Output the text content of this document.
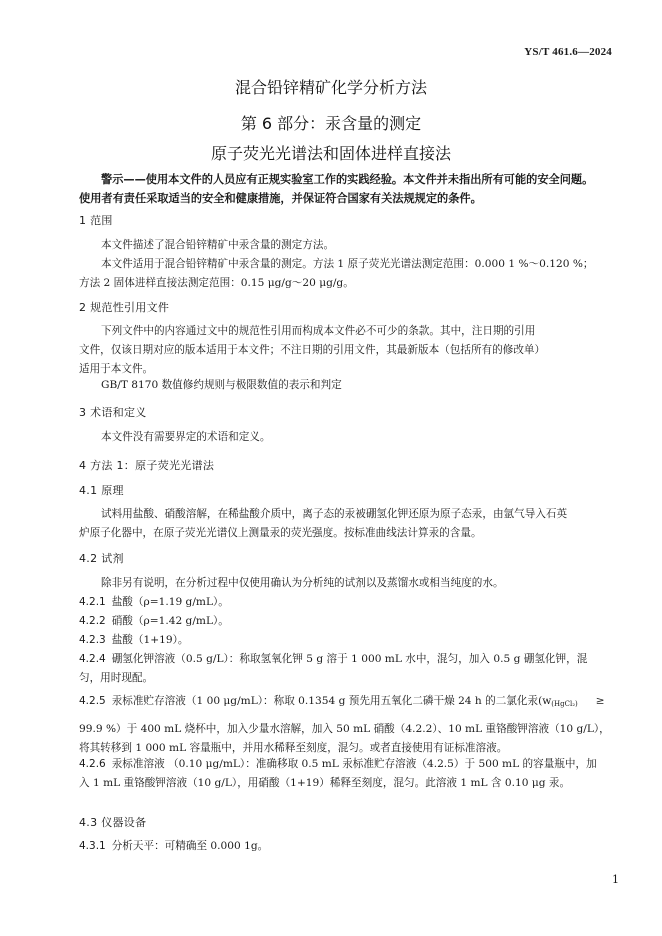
YS/T 461.6—2024
混合铅锌精矿化学分析方法
第 6 部分：汞含量的测定
原子荧光光谱法和固体进样直接法

警示——使用本文件的人员应有正规实验室工作的实践经验。本文件并未指出所有可能的安全问题。

使用者有责任采取适当的安全和健康措施，并保证符合国家有关法规规定的条件。

1 范围
本文件描述了混合铅锌精矿中汞含量的测定方法。
本文件适用于混合铅锌精矿中汞含量的测定。方法 1 原子荧光光谱法测定范围：0.000 1 %～0.120 %；
方法 2 固体进样直接法测定范围：0.15 μg/g～20 μg/g。
2 规范性引用文件
下列文件中的内容通过文中的规范性引用而构成本文件必不可少的条款。其中，注日期的引用
文件，仅该日期对应的版本适用于本文件；不注日期的引用文件，其最新版本（包括所有的修改单）
适用于本文件。
GB/T 8170 数值修约规则与极限数值的表示和判定
3 术语和定义
本文件没有需要界定的术语和定义。
4 方法 1：原子荧光光谱法
4.1 原理
试料用盐酸、硝酸溶解，在稀盐酸介质中，离子态的汞被硼氢化钾还原为原子态汞，由氩气导入石英
炉原子化器中，在原子荧光光谱仪上测量汞的荧光强度。按标准曲线法计算汞的含量。
4.2 试剂
除非另有说明，在分析过程中仅使用确认为分析纯的试剂以及蒸馏水或相当纯度的水。
4.2.1 盐酸（ρ=1.19 g/mL）。
4.2.2 硝酸（ρ=1.42 g/mL）。
4.2.3 盐酸（1+19）。
4.2.4 硼氢化钾溶液（0.5 g/L）：称取氢氧化钾 5 g 溶于 1 000 mL 水中，混匀，加入 0.5 g 硼氢化钾，混
匀，用时现配。
4.2.5 汞标准贮存溶液（1 00 μg/mL）：称取 0.1354 g 预先用五氧化二磷干燥 24 h 的二氯化汞($w_{(HgCl_2)}$ ≥
99.9 %）于 400 mL 烧杯中，加入少量水溶解，加入 50 mL 硝酸（4.2.2）、10 mL 重铬酸钾溶液（10 g/L），
将其转移到 1 000 mL 容量瓶中，并用水稀释至刻度，混匀。或者直接使用有证标准溶液。
4.2.6 汞标准溶液 （0.10 μg/mL）：准确移取 0.5 mL 汞标准贮存溶液（4.2.5）于 500 mL 的容量瓶中，加
入 1 mL 重铬酸钾溶液（10 g/L），用硝酸（1+19）稀释至刻度，混匀。此溶液 1 mL 含 0.10 μg 汞。
4.3 仪器设备
4.3.1 分析天平：可精确至 0.000 1g。
1
